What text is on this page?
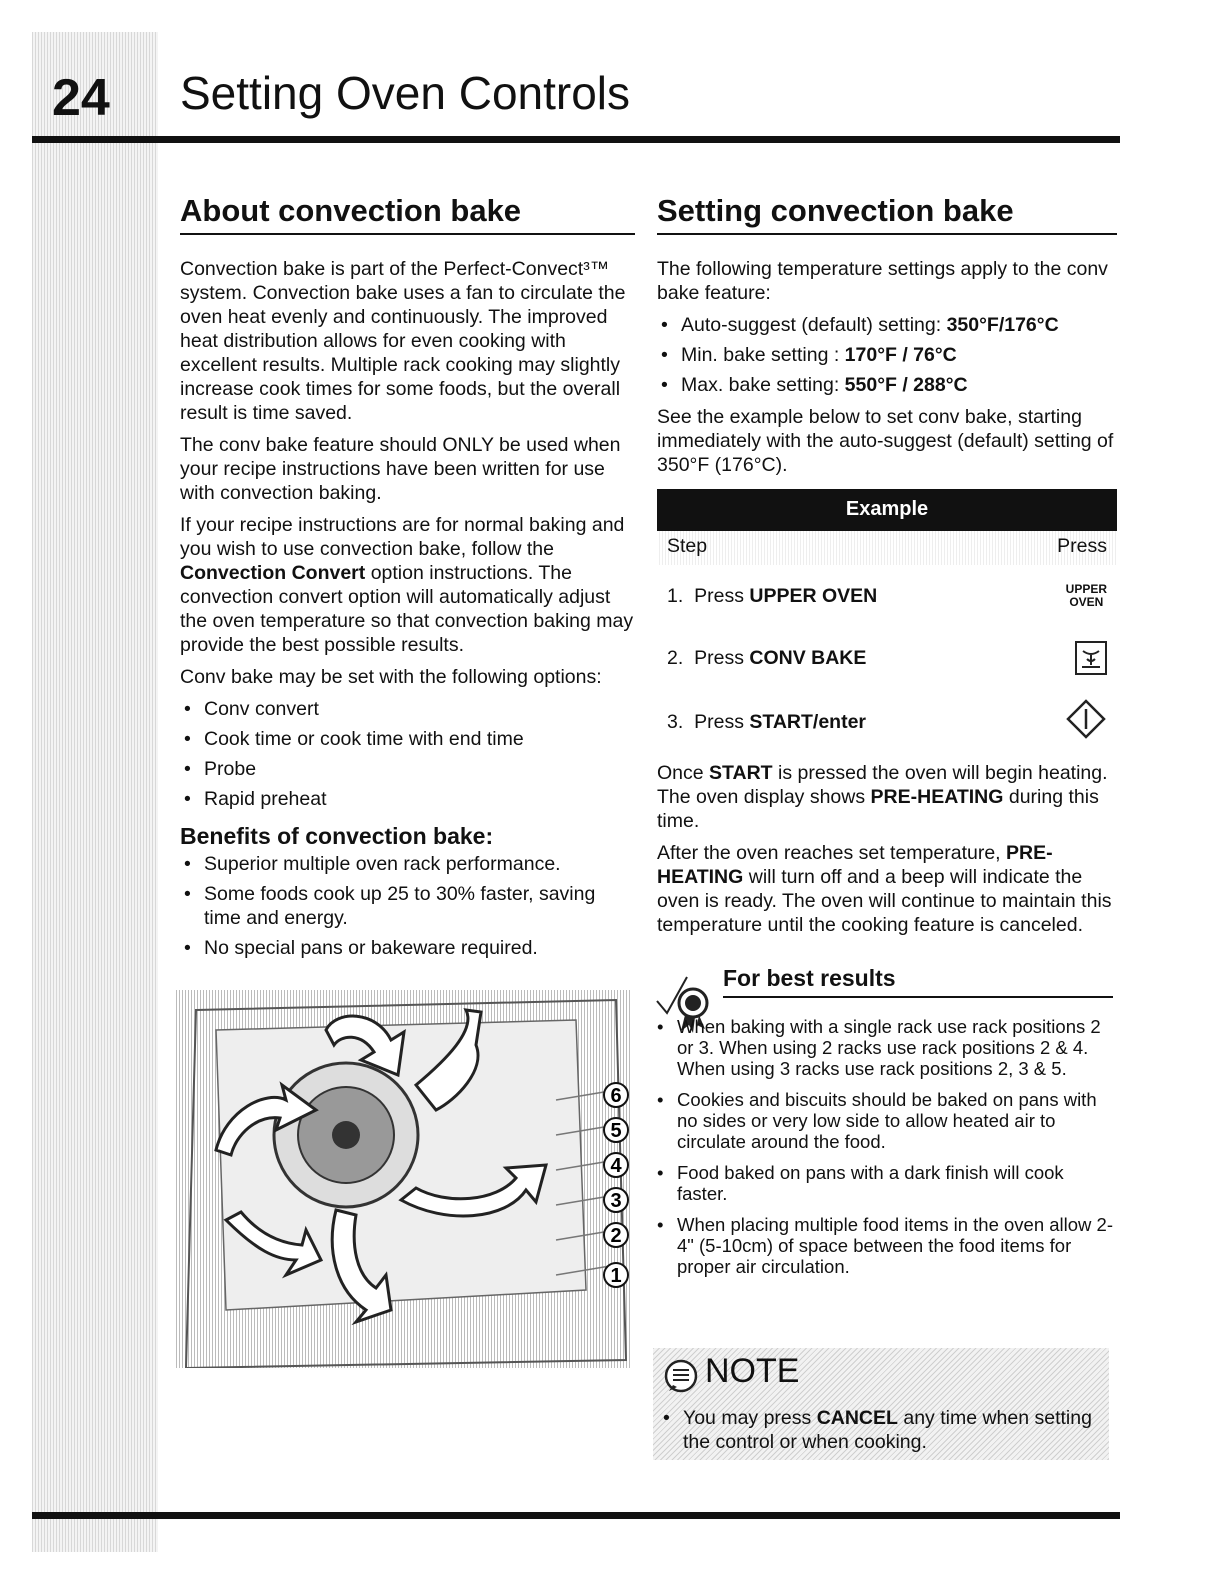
24 Setting Oven Controls
About convection bake

Convection bake is part of the Perfect-Convect³™ system. Convection bake uses a fan to circulate the oven heat evenly and continuously. The improved heat distribution allows for even cooking with excellent results. Multiple rack cooking may slightly increase cook times for some foods, but the overall result is time saved.

The conv bake feature should ONLY be used when your recipe instructions have been written for use with convection baking.

If your recipe instructions are for normal baking and you wish to use convection bake, follow the Convection Convert option instructions. The convection convert option will automatically adjust the oven temperature so that convection baking may provide the best possible results.

Conv bake may be set with the following options:

• Conv convert
• Cook time or cook time with end time
• Probe
• Rapid preheat
Benefits of convection bake:
• Superior multiple oven rack performance.
• Some foods cook up 25 to 30% faster, saving time and energy.
• No special pans or bakeware required.
6
5
4
3
2
1
Setting convection bake

The following temperature settings apply to the conv bake feature:

• Auto-suggest (default) setting: 350°F/176°C
• Min. bake setting : 170°F / 76°C
• Max. bake setting: 550°F / 288°C

See the example below to set conv bake, starting immediately with the auto-suggest (default) setting of 350°F (176°C).

Example
Step	Press
1. Press UPPER OVEN	UPPER
OVEN
2. Press CONV BAKE
3. Press START/enter

Once START is pressed the oven will begin heating. The oven display shows PRE-HEATING during this time.

After the oven reaches set temperature, PRE-HEATING will turn off and a beep will indicate the oven is ready. The oven will continue to maintain this temperature until the cooking feature is canceled.

For best results
• When baking with a single rack use rack positions 2 or 3. When using 2 racks use rack positions 2 & 4. When using 3 racks use rack positions 2, 3 & 5.
• Cookies and biscuits should be baked on pans with no sides or very low side to allow heated air to circulate around the food.
• Food baked on pans with a dark finish will cook faster.
• When placing multiple food items in the oven allow 2-4" (5-10cm) of space between the food items for proper air circulation.
NOTE
• You may press CANCEL any time when setting the control or when cooking.
